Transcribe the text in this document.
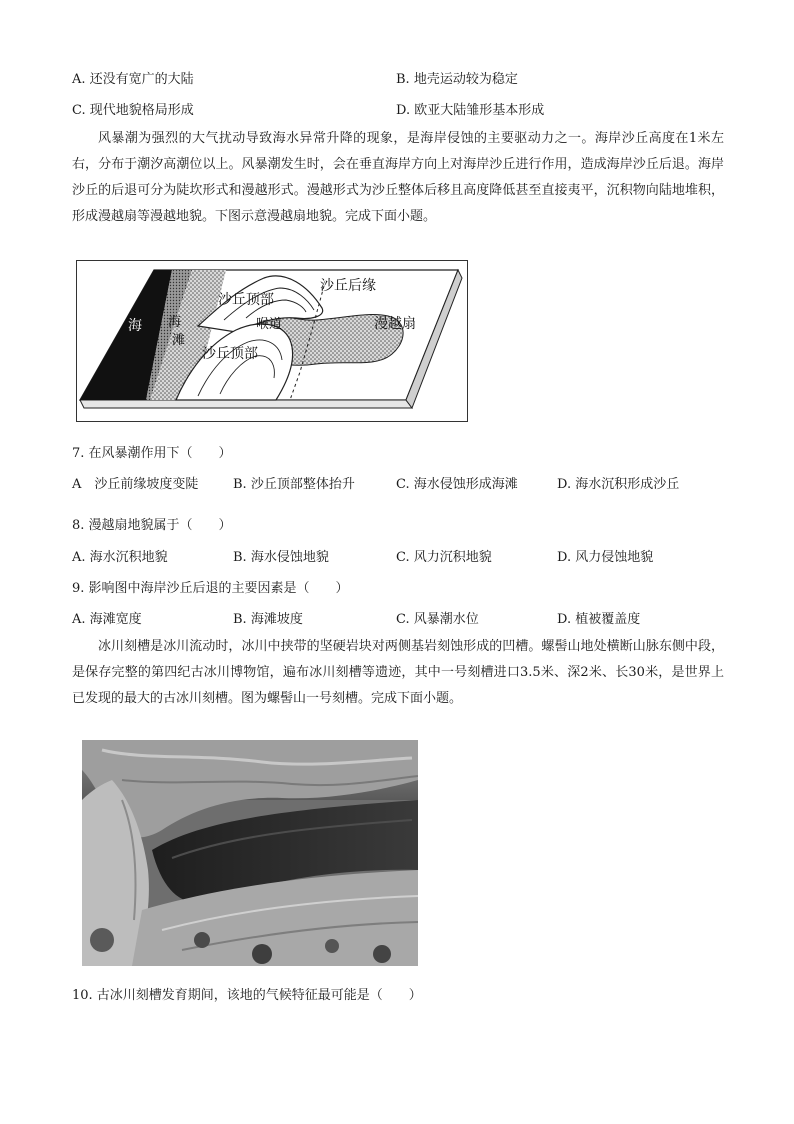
A. 还没有宽广的大陆	B. 地壳运动较为稳定
C. 现代地貌格局形成	D. 欧亚大陆雏形基本形成
风暴潮为强烈的大气扰动导致海水异常升降的现象，是海岸侵蚀的主要驱动力之一。海岸沙丘高度在1米左右，分布于潮汐高潮位以上。风暴潮发生时，会在垂直海岸方向上对海岸沙丘进行作用，造成海岸沙丘后退。海岸沙丘的后退可分为陡坎形式和漫越形式。漫越形式为沙丘整体后移且高度降低甚至直接夷平，沉积物向陆地堆积，形成漫越扇等漫越地貌。下图示意漫越扇地貌。完成下面小题。
海 海
滩
沙丘顶部
沙丘后缘
喉道	漫越扇
沙丘顶部
7. 在风暴潮作用下（　　）
A　沙丘前缘坡度变陡	B. 沙丘顶部整体抬升	C. 海水侵蚀形成海滩	D. 海水沉积形成沙丘
8. 漫越扇地貌属于（　　）
A. 海水沉积地貌	B. 海水侵蚀地貌	C. 风力沉积地貌	D. 风力侵蚀地貌
9. 影响图中海岸沙丘后退的主要因素是（　　）
A. 海滩宽度	B. 海滩坡度	C. 风暴潮水位	D. 植被覆盖度
冰川刻槽是冰川流动时，冰川中挟带的坚硬岩块对两侧基岩刻蚀形成的凹槽。螺髻山地处横断山脉东侧中段，是保存完整的第四纪古冰川博物馆，遍布冰川刻槽等遗迹，其中一号刻槽进口3.5米、深2米、长30米，是世界上已发现的最大的古冰川刻槽。图为螺髻山一号刻槽。完成下面小题。
10. 古冰川刻槽发育期间，该地的气候特征最可能是（　　）
